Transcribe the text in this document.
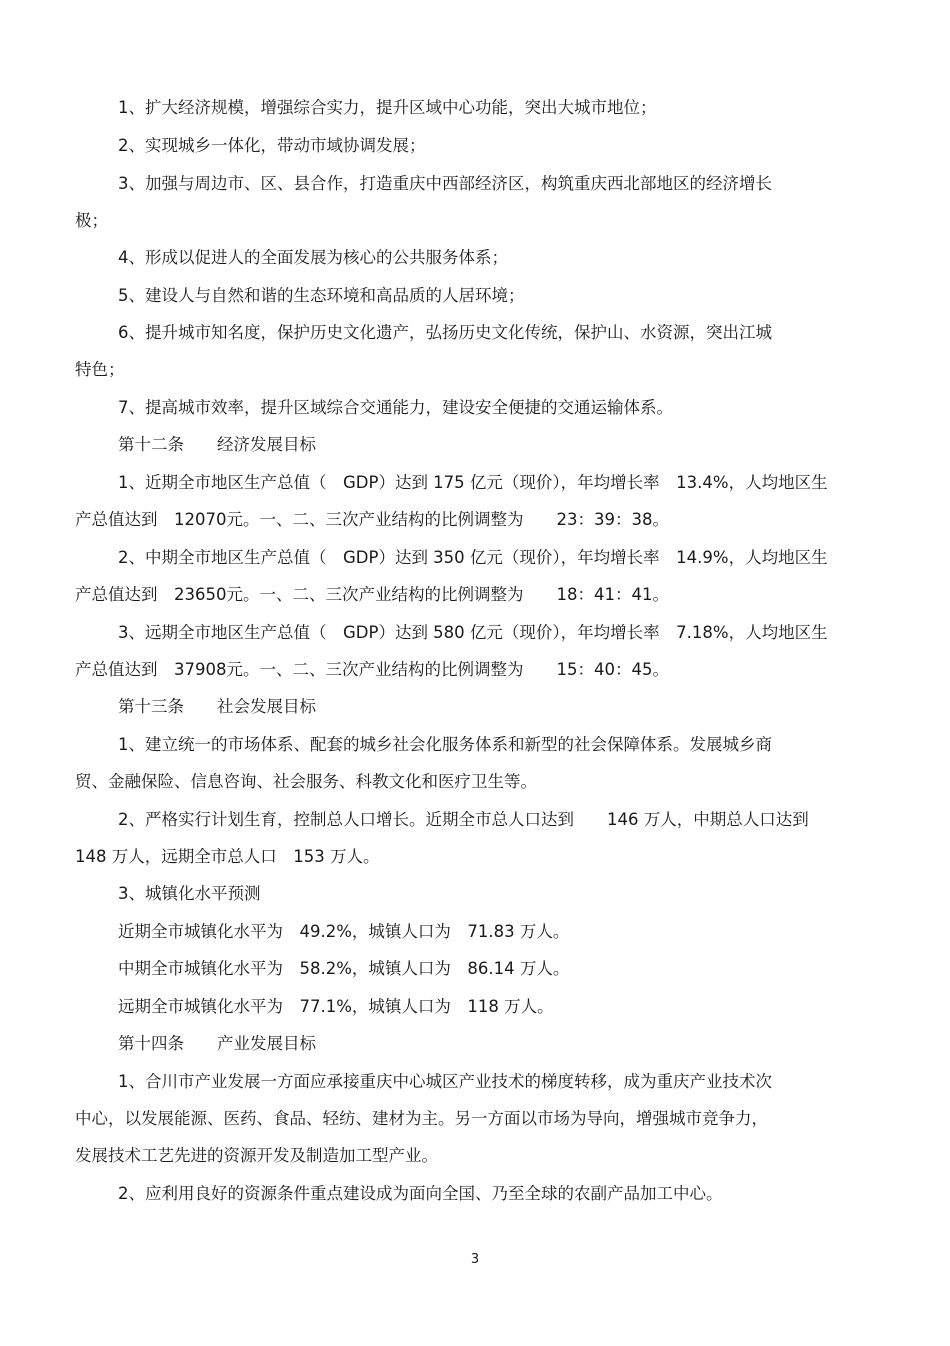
1、扩大经济规模，增强综合实力，提升区域中心功能，突出大城市地位；
2、实现城乡一体化，带动市域协调发展；
3、加强与周边市、区、县合作，打造重庆中西部经济区，构筑重庆西北部地区的经济增长
极；
4、形成以促进人的全面发展为核心的公共服务体系；
5、建设人与自然和谐的生态环境和高品质的人居环境；
6、提升城市知名度，保护历史文化遗产，弘扬历史文化传统，保护山、水资源，突出江城
特色；
7、提高城市效率，提升区域综合交通能力，建设安全便捷的交通运输体系。
第十二条　　经济发展目标
1、近期全市地区生产总值（　GDP）达到 175 亿元（现价），年均增长率　13.4%，人均地区生
产总值达到　12070元。一、二、三次产业结构的比例调整为　　23：39：38。
2、中期全市地区生产总值（　GDP）达到 350 亿元（现价），年均增长率　14.9%，人均地区生
产总值达到　23650元。一、二、三次产业结构的比例调整为　　18：41：41。
3、远期全市地区生产总值（　GDP）达到 580 亿元（现价），年均增长率　7.18%，人均地区生
产总值达到　37908元。一、二、三次产业结构的比例调整为　　15：40：45。
第十三条　　社会发展目标
1、建立统一的市场体系、配套的城乡社会化服务体系和新型的社会保障体系。发展城乡商
贸、金融保险、信息咨询、社会服务、科教文化和医疗卫生等。
2、严格实行计划生育，控制总人口增长。近期全市总人口达到　　146 万人，中期总人口达到
148 万人，远期全市总人口　153 万人。
3、城镇化水平预测
近期全市城镇化水平为　49.2%，城镇人口为　71.83 万人。
中期全市城镇化水平为　58.2%，城镇人口为　86.14 万人。
远期全市城镇化水平为　77.1%，城镇人口为　118 万人。
第十四条　　产业发展目标
1、合川市产业发展一方面应承接重庆中心城区产业技术的梯度转移，成为重庆产业技术次
中心，以发展能源、医药、食品、轻纺、建材为主。另一方面以市场为导向，增强城市竞争力，
发展技术工艺先进的资源开发及制造加工型产业。
2、应利用良好的资源条件重点建设成为面向全国、乃至全球的农副产品加工中心。
3
